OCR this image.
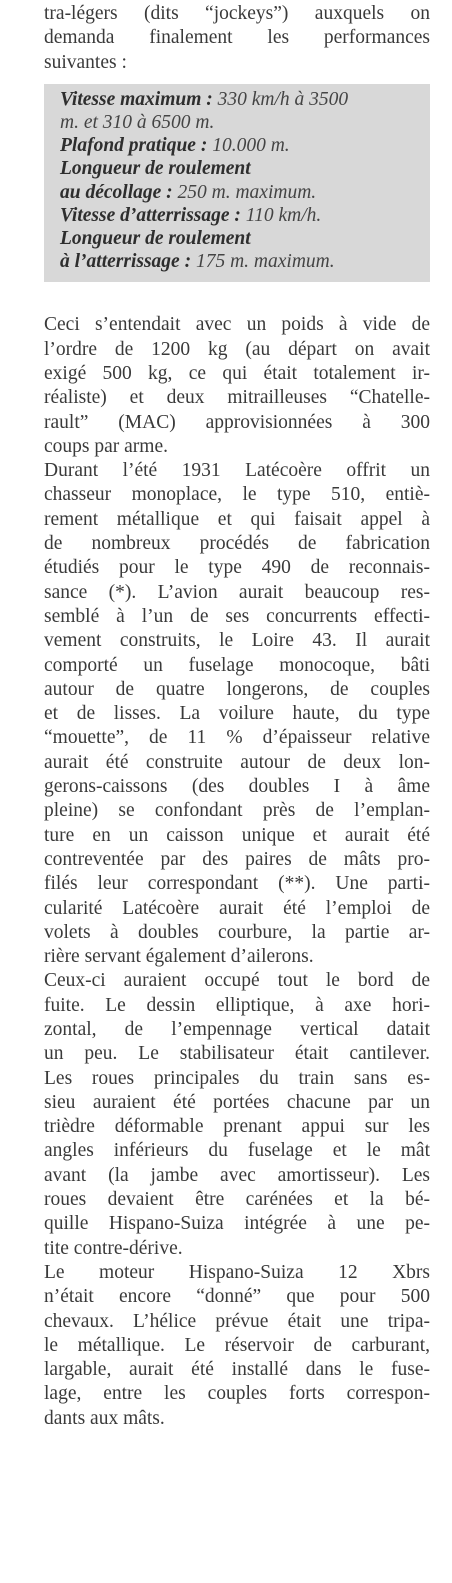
tra-légers (dits “jockeys”) auxquels on
demanda finalement les performances
suivantes :
Vitesse maximum : 330 km/h à 3500
m. et 310 à 6500 m.
Plafond pratique : 10.000 m.
Longueur de roulement
au décollage : 250 m. maximum.
Vitesse d’atterrissage : 110 km/h.
Longueur de roulement
à l’atterrissage : 175 m. maximum.
Ceci s’entendait avec un poids à vide de
l’ordre de 1200 kg (au départ on avait
exigé 500 kg, ce qui était totalement ir-
réaliste) et deux mitrailleuses “Chatelle-
rault” (MAC) approvisionnées à 300
coups par arme.
Durant l’été 1931 Latécoère offrit un
chasseur monoplace, le type 510, entiè-
rement métallique et qui faisait appel à
de nombreux procédés de fabrication
étudiés pour le type 490 de reconnais-
sance (*). L’avion aurait beaucoup res-
semblé à l’un de ses concurrents effecti-
vement construits, le Loire 43. Il aurait
comporté un fuselage monocoque, bâti
autour de quatre longerons, de couples
et de lisses. La voilure haute, du type
“mouette”, de 11 % d’épaisseur relative
aurait été construite autour de deux lon-
gerons-caissons (des doubles I à âme
pleine) se confondant près de l’emplan-
ture en un caisson unique et aurait été
contreventée par des paires de mâts pro-
filés leur correspondant (**). Une parti-
cularité Latécoère aurait été l’emploi de
volets à doubles courbure, la partie ar-
rière servant également d’ailerons.
Ceux-ci auraient occupé tout le bord de
fuite. Le dessin elliptique, à axe hori-
zontal, de l’empennage vertical datait
un peu. Le stabilisateur était cantilever.
Les roues principales du train sans es-
sieu auraient été portées chacune par un
trièdre déformable prenant appui sur les
angles inférieurs du fuselage et le mât
avant (la jambe avec amortisseur). Les
roues devaient être carénées et la bé-
quille Hispano-Suiza intégrée à une pe-
tite contre-dérive.
Le moteur Hispano-Suiza 12 Xbrs
n’était encore “donné” que pour 500
chevaux. L’hélice prévue était une tripa-
le métallique. Le réservoir de carburant,
largable, aurait été installé dans le fuse-
lage, entre les couples forts correspon-
dants aux mâts.
